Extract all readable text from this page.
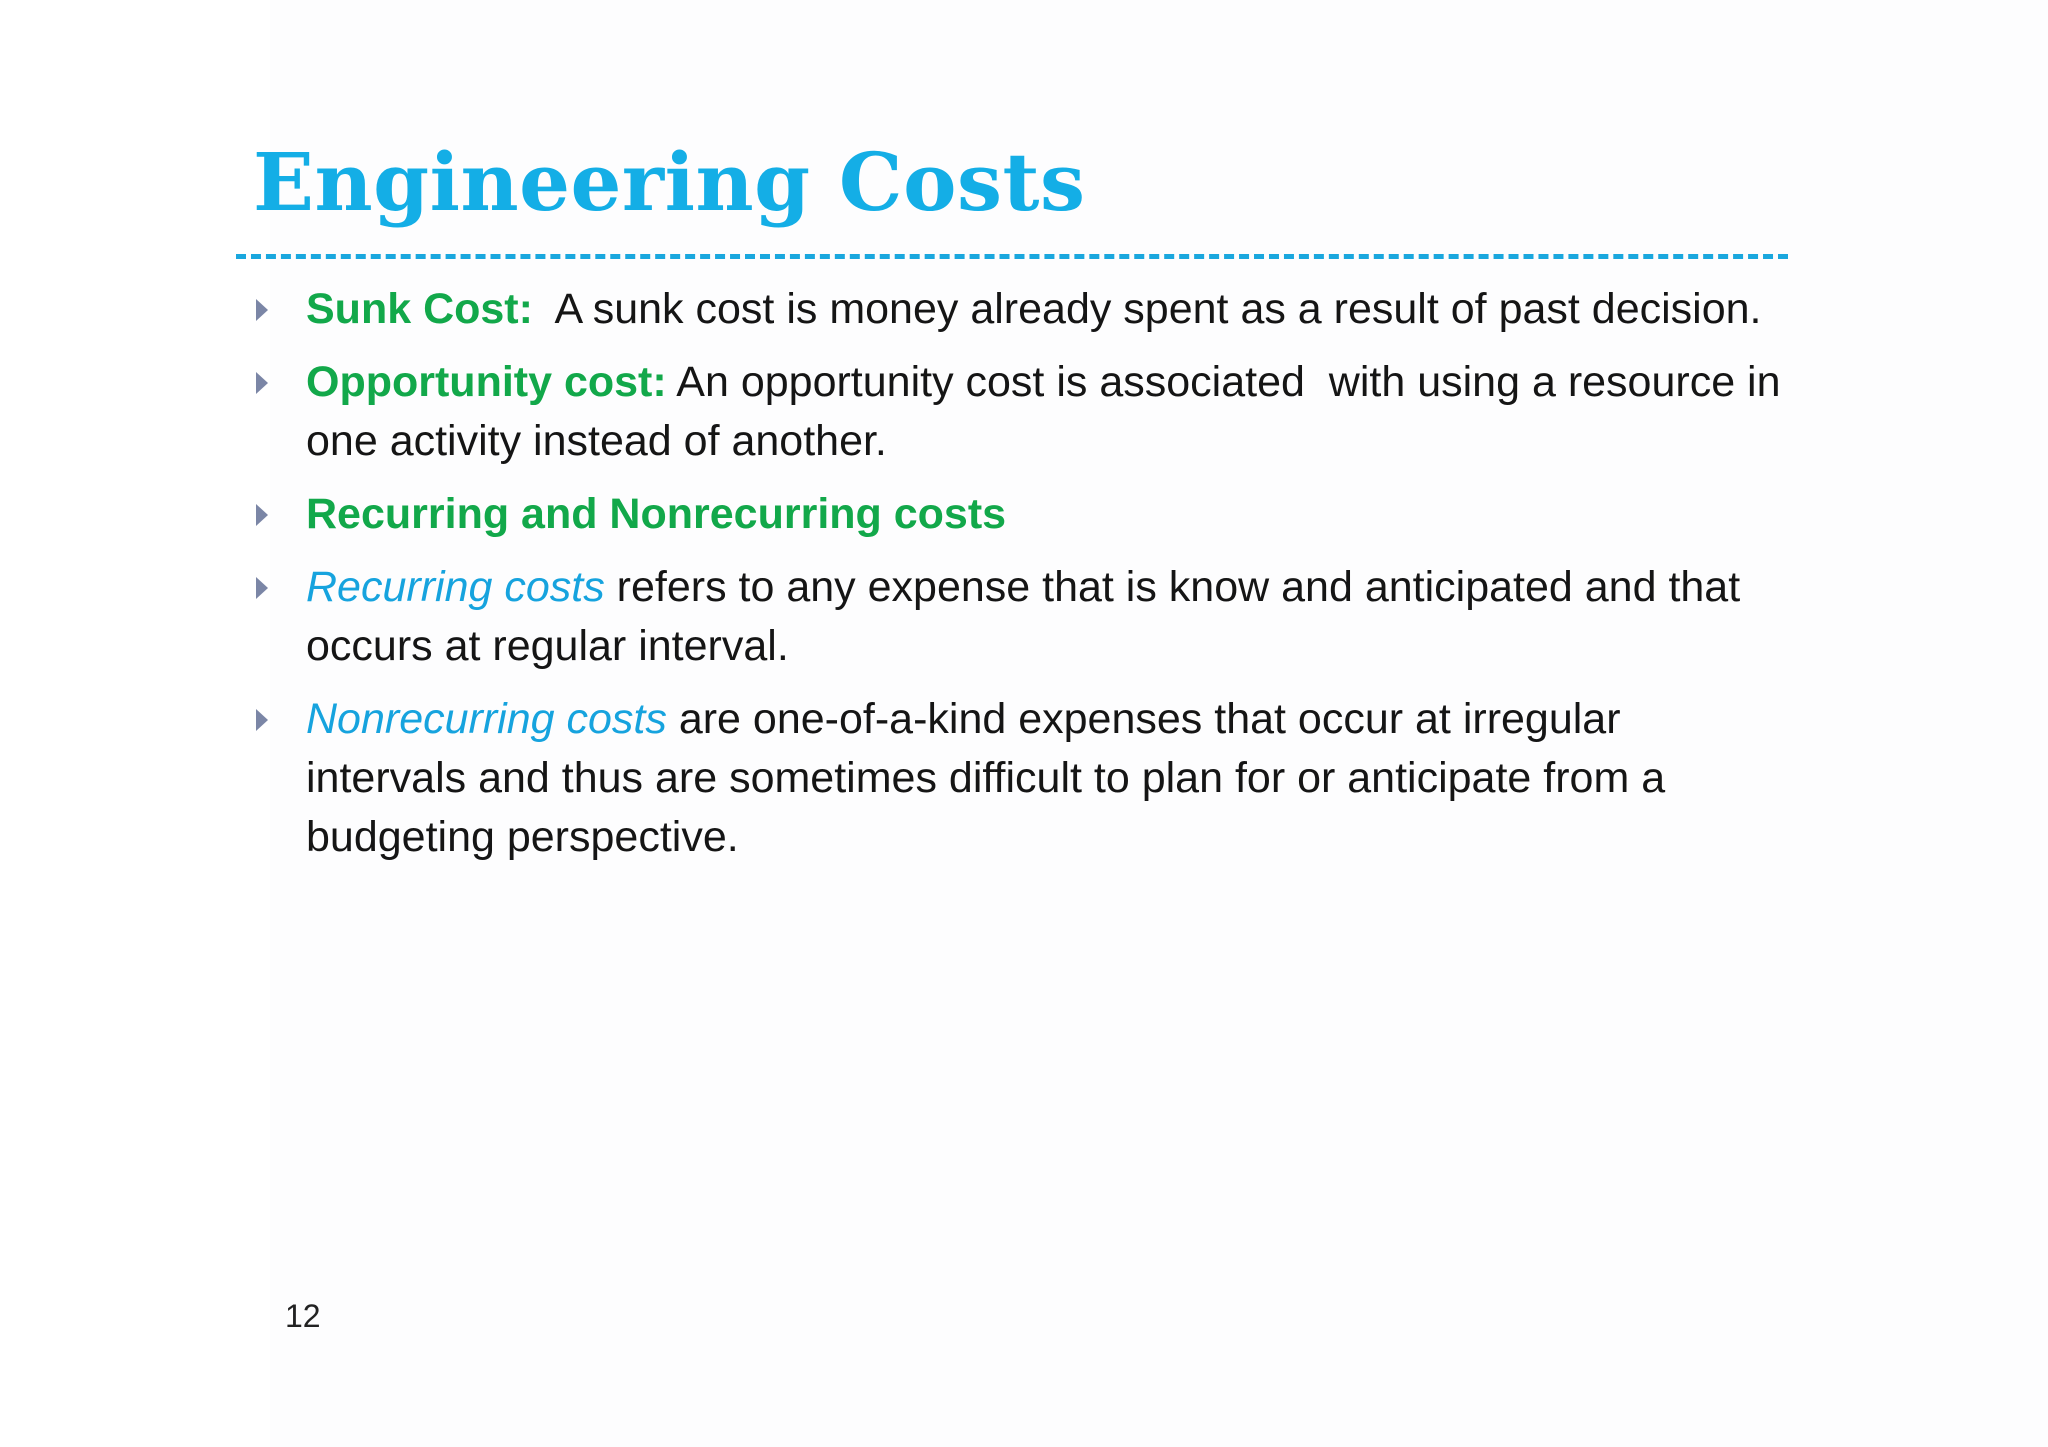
Engineering Costs
Sunk Cost:  A sunk cost is money already spent as a result of past decision.
Opportunity cost: An opportunity cost is associated  with using a resource in one activity instead of another.
Recurring and Nonrecurring costs
Recurring costs refers to any expense that is know and anticipated and that occurs at regular interval.
Nonrecurring costs are one-of-a-kind expenses that occur at irregular intervals and thus are sometimes difficult to plan for or anticipate from a budgeting perspective.
12
